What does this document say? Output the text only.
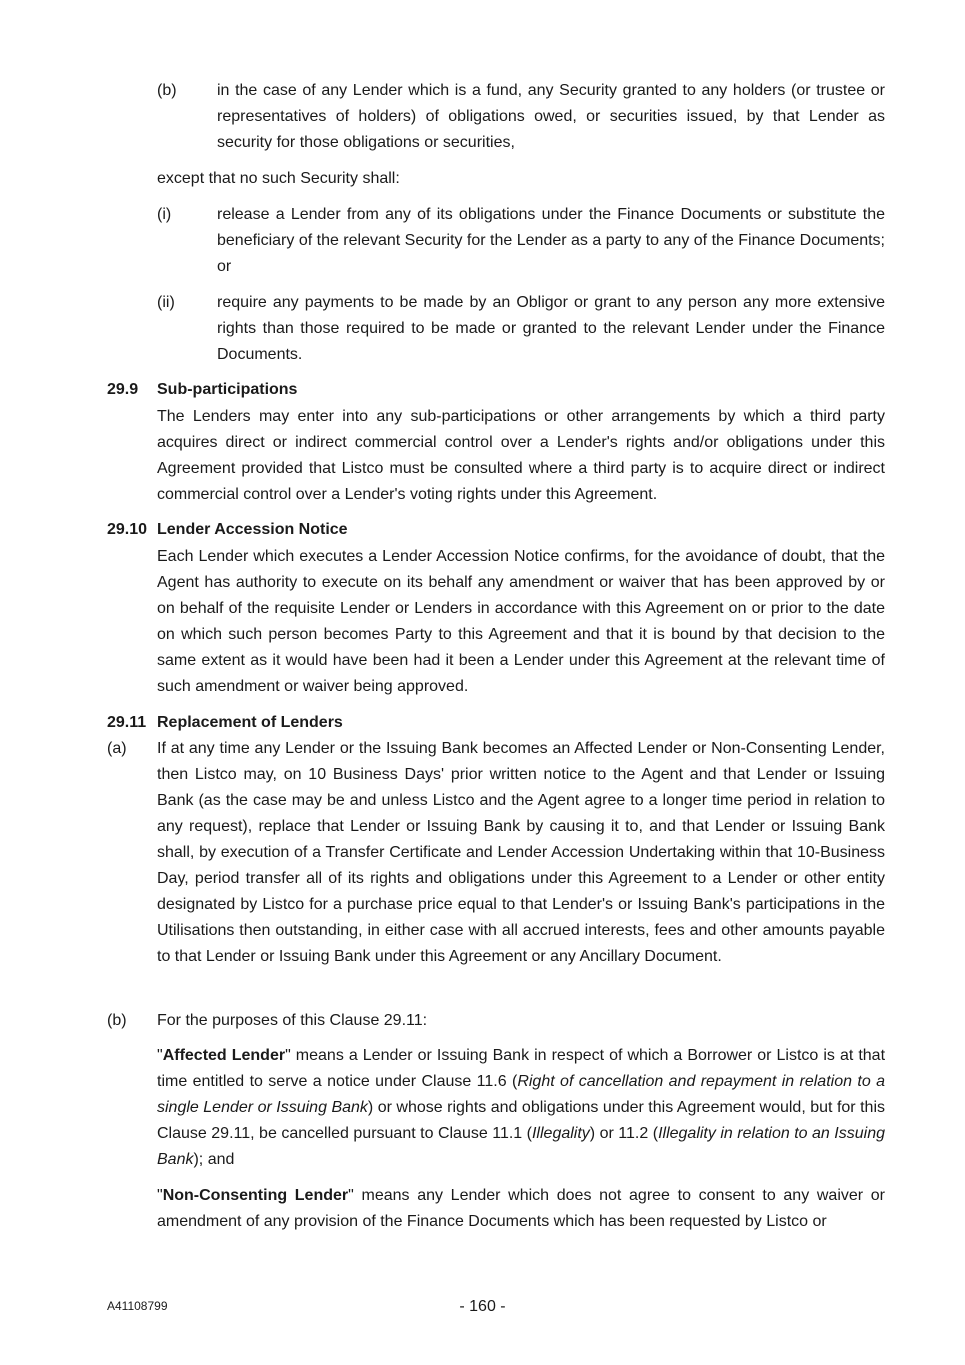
(b)	in the case of any Lender which is a fund, any Security granted to any holders (or trustee or representatives of holders) of obligations owed, or securities issued, by that Lender as security for those obligations or securities,

except that no such Security shall:

(i)	release a Lender from any of its obligations under the Finance Documents or substitute the beneficiary of the relevant Security for the Lender as a party to any of the Finance Documents; or

(ii)	require any payments to be made by an Obligor or grant to any person any more extensive rights than those required to be made or granted to the relevant Lender under the Finance Documents.

29.9 Sub-participations

The Lenders may enter into any sub-participations or other arrangements by which a third party acquires direct or indirect commercial control over a Lender's rights and/or obligations under this Agreement provided that Listco must be consulted where a third party is to acquire direct or indirect commercial control over a Lender's voting rights under this Agreement.

29.10 Lender Accession Notice

Each Lender which executes a Lender Accession Notice confirms, for the avoidance of doubt, that the Agent has authority to execute on its behalf any amendment or waiver that has been approved by or on behalf of the requisite Lender or Lenders in accordance with this Agreement on or prior to the date on which such person becomes Party to this Agreement and that it is bound by that decision to the same extent as it would have been had it been a Lender under this Agreement at the relevant time of such amendment or waiver being approved.

29.11 Replacement of Lenders
(a) If at any time any Lender or the Issuing Bank becomes an Affected Lender or Non-Consenting Lender, then Listco may, on 10 Business Days' prior written notice to the Agent and that Lender or Issuing Bank (as the case may be and unless Listco and the Agent agree to a longer time period in relation to any request), replace that Lender or Issuing Bank by causing it to, and that Lender or Issuing Bank shall, by execution of a Transfer Certificate and Lender Accession Undertaking within that 10-Business Day, period transfer all of its rights and obligations under this Agreement to a Lender or other entity designated by Listco for a purchase price equal to that Lender's or Issuing Bank's participations in the Utilisations then outstanding, in either case with all accrued interests, fees and other amounts payable to that Lender or Issuing Bank under this Agreement or any Ancillary Document.

(b) For the purposes of this Clause 29.11:

"Affected Lender" means a Lender or Issuing Bank in respect of which a Borrower or Listco is at that time entitled to serve a notice under Clause 11.6 (Right of cancellation and repayment in relation to a single Lender or Issuing Bank) or whose rights and obligations under this Agreement would, but for this Clause 29.11, be cancelled pursuant to Clause 11.1 (Illegality) or 11.2 (Illegality in relation to an Issuing Bank); and

"Non-Consenting Lender" means any Lender which does not agree to consent to any waiver or amendment of any provision of the Finance Documents which has been requested by Listco or

A41108799	- 160 -
